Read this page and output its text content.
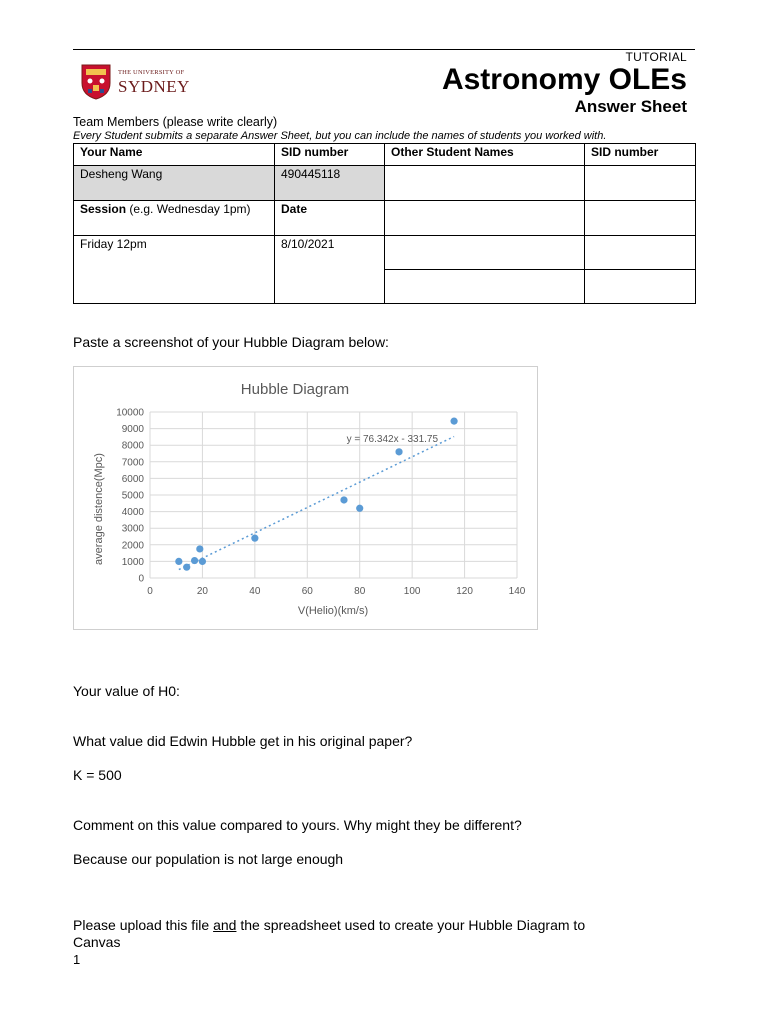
TUTORIAL
Astronomy OLEs
Answer Sheet
THE UNIVERSITY OF
SYDNEY
Team Members (please write clearly)
Every Student submits a separate Answer Sheet, but you can include the names of students you worked with.
Your Name	SID number	Other Student Names	SID number
Desheng Wang	490445118		
Session (e.g. Wednesday 1pm)	Date		
Friday 12pm	8/10/2021		

Paste a screenshot of your Hubble Diagram below:
Hubble Diagram
0
1000
2000
3000
4000
5000
6000
7000
8000
9000
10000
0	20	40	60	80	100	120	140
y = 76.342x - 331.75
V(Helio)(km/s)
average distence(Mpc)
Your value of H0:
What value did Edwin Hubble get in his original paper?
K = 500
Comment on this value compared to yours. Why might they be different?
Because our population is not large enough
Please upload this file and the spreadsheet used to create your Hubble Diagram to
Canvas
1
